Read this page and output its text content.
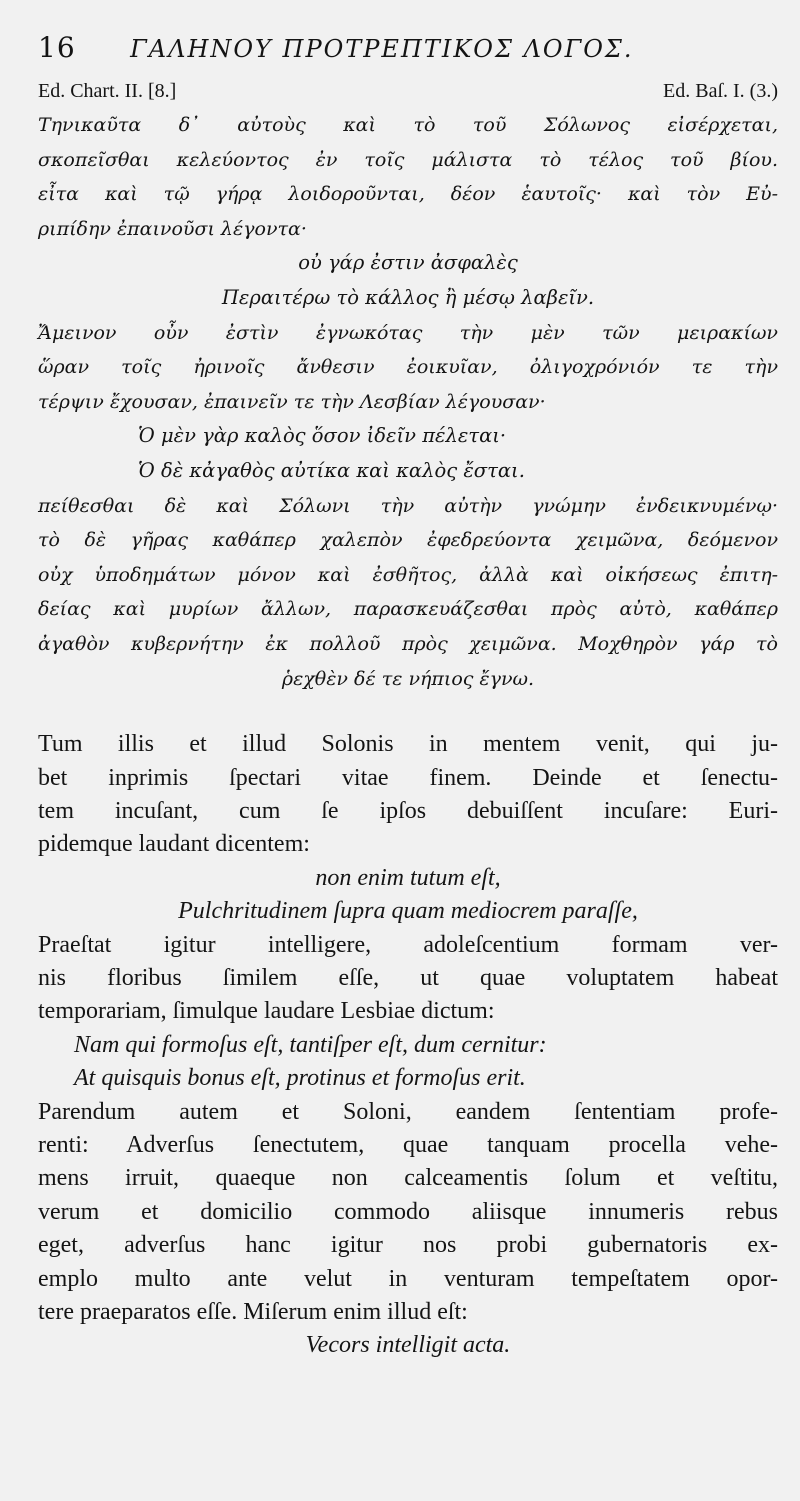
16	ΓΑΛΗΝΟΥ ΠΡΟΤΡΕΠΤΙΚΟΣ ΛΟΓΟΣ.
Ed. Chart. II. [8.]	Ed. Baſ. I. (3.)
Τηνικαῦτα δ᾽ αὐτοὺς καὶ τὸ τοῦ Σόλωνος εἰσέρχεται,
σκοπεῖσθαι κελεύοντος ἐν τοῖς μάλιστα τὸ τέλος τοῦ βίου.
εἶτα καὶ τῷ γήρᾳ λοιδοροῦνται, δέον ἑαυτοῖς· καὶ τὸν Εὐ-
ριπίδην ἐπαινοῦσι λέγοντα·
οὐ γάρ ἐστιν ἀσφαλὲς
Περαιτέρω τὸ κάλλος ἢ μέσῳ λαβεῖν.
Ἄμεινον οὖν ἐστὶν ἐγνωκότας τὴν μὲν τῶν μειρακίων
ὥραν τοῖς ἠρινοῖς ἄνθεσιν ἐοικυῖαν, ὀλιγοχρόνιόν τε τὴν
τέρψιν ἔχουσαν, ἐπαινεῖν τε τὴν Λεσβίαν λέγουσαν·
Ὁ μὲν γὰρ καλὸς ὅσον ἰδεῖν πέλεται·
Ὁ δὲ κἀγαθὸς αὐτίκα καὶ καλὸς ἔσται.
πείθεσθαι δὲ καὶ Σόλωνι τὴν αὐτὴν γνώμην ἐνδεικνυμένῳ·
τὸ δὲ γῆρας καθάπερ χαλεπὸν ἐφεδρεύοντα χειμῶνα, δεόμενον
οὐχ ὑποδημάτων μόνον καὶ ἐσθῆτος, ἀλλὰ καὶ οἰκήσεως ἐπιτη-
δείας καὶ μυρίων ἄλλων, παρασκευάζεσθαι πρὸς αὐτὸ, καθάπερ
ἀγαθὸν κυβερνήτην ἐκ πολλοῦ πρὸς χειμῶνα. Μοχθηρὸν γάρ τὸ
ῥεχθὲν δέ τε νήπιος ἔγνω.
Tum illis et illud Solonis in mentem venit, qui ju-
bet inprimis ſpectari vitae finem. Deinde et ſenectu-
tem incuſant, cum ſe ipſos debuiſſent incuſare: Euri-
pidemque laudant dicentem:
non enim tutum eſt,
Pulchritudinem ſupra quam mediocrem paraſſe,
Praeſtat igitur intelligere, adoleſcentium formam ver-
nis floribus ſimilem eſſe, ut quae voluptatem habeat
temporariam, ſimulque laudare Lesbiae dictum:
Nam qui formoſus eſt, tantiſper eſt, dum cernitur:
At quisquis bonus eſt, protinus et formoſus erit.
Parendum autem et Soloni, eandem ſententiam profe-
renti: Adverſus ſenectutem, quae tanquam procella vehe-
mens irruit, quaeque non calceamentis ſolum et veſtitu,
verum et domicilio commodo aliisque innumeris rebus
eget, adverſus hanc igitur nos probi gubernatoris ex-
emplo multo ante velut in venturam tempeſtatem opor-
tere praeparatos eſſe. Miſerum enim illud eſt:
Vecors intelligit acta.
